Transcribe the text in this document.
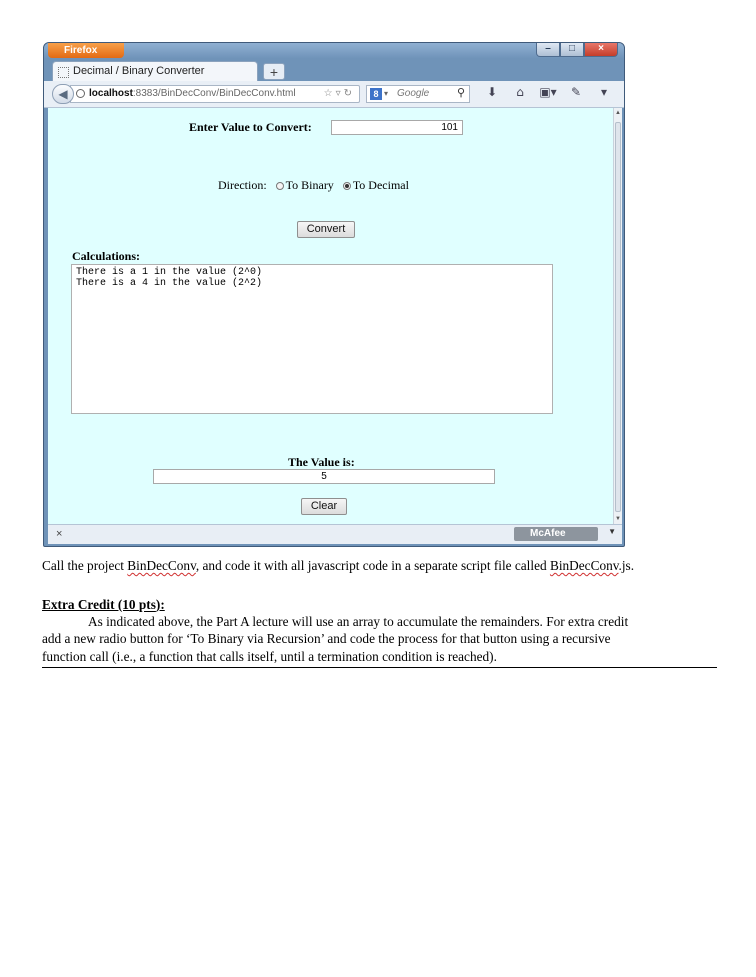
Firefox	–	□	×
Decimal / Binary Converter	+
localhost:8383/BinDecConv/BinDecConv.html	☆▿↻
◀	8 ▾ Google	⚲	⬇ ⌂ ▣▾ ✎ ▾
Enter Value to Convert:	101
Direction: To Binary To Decimal
Convert
Calculations:
There is a 1 in the value (2^0)
There is a 4 in the value (2^2)
The Value is:
5
Clear
▲
▼
×	McAfee	▼
Call the project BinDecConv, and code it with all javascript code in a separate script file called BinDecConv.js.
Extra Credit (10 pts):
As indicated above, the Part A lecture will use an array to accumulate the remainders. For extra credit
add a new radio button for ‘To Binary via Recursion’ and code the process for that button using a recursive
function call (i.e., a function that calls itself, until a termination condition is reached).
